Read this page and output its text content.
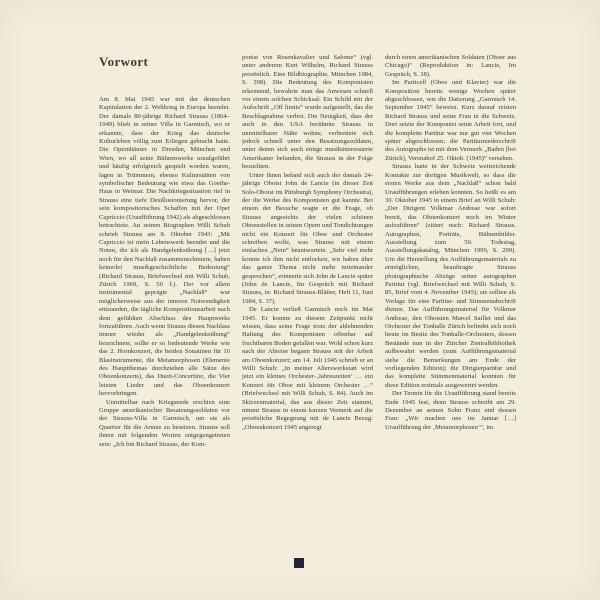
Vorwort

Am 8. Mai 1945 war mit der deutschen Kapitulation der 2. Weltkrieg in Europa beendet. Der damals 80-jährige Richard Strauss (1864–1949) blieb in seiner Villa in Garmisch, wo er erkannte, dass der Krieg das deutsche Kulturleben völlig zum Erliegen gebracht hatte. Die Opernhäuser in Dresden, München und Wien, wo all seine Bühnenwerke uraufgeführt und häufig erfolgreich gespielt worden waren, lagen in Trümmern, ebenso Kulturstätten von symbolischer Bedeutung wie etwa das Goethe-Haus in Weimar. Die Nachkriegssituation rief in Strauss eine tiefe Desillusionierung hervor, der sein kompositorisches Schaffen mit der Oper Capriccio (Uraufführung 1942) als abgeschlossen betrachtete. An seinen Biographen Willi Schuh schrieb Strauss am 8. Oktober 1943: „Mit Capriccio ist mein Lebenswerk beendet und die Noten, die ich als Handgelenksübung […] jetzt noch für den Nachlaß zusammenschmiere, haben keinerlei musikgeschichtliche Bedeutung“ (Richard Strauss, Briefwechsel mit Willi Schuh, Zürich 1969, S. 50 f.). Der vor allem instrumental geprägte „Nachlaß“ war möglicherweise aus der inneren Notwendigkeit entstanden, die tägliche Kompositionsarbeit nach dem gefühlten Abschluss des Hauptwerks fortzuführen. Auch wenn Strauss diesen Nachlass immer wieder als „Handgelenksübung“ bezeichnete, sollte er so bedeutende Werke wie das 2. Hornkonzert, die beiden Sonatinen für 16 Blasinstrumente, die Metamorphosen (Elemente des Hauptthemas durchziehen alle Sätze des Oboenkonzerts), das Duett-Concertino, die Vier letzten Lieder und das Oboenkonzert hervorbringen.

Unmittelbar nach Kriegsende erschien eine Gruppe amerikanischer Besatzungssoldaten vor der Strauss-Villa in Garmisch, um sie als Quartier für die Armee zu besetzen. Strauss soll ihnen mit folgenden Worten entgegengetreten sein: „Ich bin Richard Strauss, der Kom-

ponist von Rosenkavalier und Salome“ (vgl. unter anderem Kurt Wilhelm, Richard Strauss persönlich. Eine Bildbiographie, München 1984, S. 398). Die Bedeutung des Komponisten erkennend, bewahrte man das Anwesen schnell vor einem solchen Schicksal: Ein Schild mit der Aufschrift „Off limits“ wurde aufgestellt, das die Beschlagnahme verbot. Die Neuigkeit, dass der auch in den USA berühmte Strauss in unmittelbarer Nähe wohne, verbreitete sich jedoch schnell unter den Besatzungssoldaten, unter denen sich auch einige musikinteressierte Amerikaner befanden, die Strauss in der Folge besuchten.

Unter ihnen befand sich auch der damals 24-jährige Oboist John de Lancie (in dieser Zeit Solo-Oboist im Pittsburgh Symphony Orchestra), der die Werke des Komponisten gut kannte. Bei einem der Besuche wagte er die Frage, ob Strauss angesichts der vielen schönen Oboenstellen in seinen Opern und Tondichtungen nicht ein Konzert für Oboe und Orchester schreiben wolle, was Strauss mit einem einfachen „Nein“ beantwortete. „Sehr viel mehr konnte ich ihm nicht entlocken, wir haben über das ganze Thema nicht mehr miteinander gesprochen“, erinnerte sich John de Lancie später (John de Lancie, Im Gespräch mit Richard Strauss, in: Richard Strauss-Blätter, Heft 11, Juni 1984, S. 37).

De Lancie verließ Garmisch noch im Mai 1945. Er konnte zu diesem Zeitpunkt nicht wissen, dass seine Frage trotz der ablehnenden Haltung des Komponisten offenbar auf fruchtbaren Boden gefallen war. Wohl schon kurz nach der Abreise begann Strauss mit der Arbeit am Oboenkonzert; am 14. Juli 1945 schrieb er an Willi Schuh: „In meiner Alterswerkstatt wird jetzt ein kleines Orchester-‚Jahreszeiten‘ … ein Konzert für Oboe mit kleinem Orchester …“ (Briefwechsel mit Willi Schuh, S. 84). Auch im Skizzenmaterial, das aus dieser Zeit stammt, nimmt Strauss in einem kurzen Vermerk auf die persönliche Begegnung mit de Lancie Bezug: „Oboenkonzert 1945 angeregt

durch einen amerikanischen Soldaten (Oboer aus Chicago)“ (Reproduktion in: Lancie, Im Gespräch, S. 38).

Im Particell (Oboe und Klavier) war die Komposition bereits wenige Wochen später abgeschlossen, wie die Datierung „Garmisch 14. September 1945“ beweist. Kurz darauf reisten Richard Strauss und seine Frau in die Schweiz. Dort setzte der Komponist seine Arbeit fort, und die komplette Partitur war nur gut vier Wochen später abgeschlossen; die Partiturniederschrift des Autographs ist mit dem Vermerk „Baden [bei Zürich], Verenahof 25. Oktob. (1945)“ versehen.

Strauss hatte in der Schweiz weitreichende Kontakte zur dortigen Musikwelt, so dass die ersten Werke aus dem „Nachlaß“ schon bald Uraufführungen erleben konnten. So heißt es am 30. Oktober 1945 in einem Brief an Willi Schuh: „Der Dirigent Volkmar Andreae war sofort bereit, das Oboenkonzert noch im Winter aufzuführen“ (zitiert nach: Richard Strauss. Autographen, Porträts, Bühnenbilder. Ausstellung zum 50. Todestag, Ausstellungskatalog, München 1999, S. 299). Um die Herstellung des Aufführungsmaterials zu ermöglichen, beauftragte Strauss photographische Abzüge seiner autographen Partitur (vgl. Briefwechsel mit Willi Schuh, S. 85, Brief vom 4. November 1945); sie sollten als Vorlage für eine Partitur- und Stimmenabschrift dienen. Das Aufführungsmaterial für Volkmar Andreae, den Oboisten Marcel Saillet und das Orchester der Tonhalle Zürich befindet sich noch heute im Besitz des Tonhalle-Orchesters, dessen Bestände nun in der Zürcher Zentralbibliothek aufbewahrt werden (zum Aufführungsmaterial siehe die Bemerkungen am Ende der vorliegenden Edition); die Dirigierpartitur und das komplette Stimmenmaterial konnten für diese Edition erstmals ausgewertet werden.

Der Termin für die Uraufführung stand bereits Ende 1945 fest, denn Strauss schreibt am 29. Dezember an seinen Sohn Franz und dessen Frau: „Wir machen uns im Januar […] Uraufführung der ‚Metamorphosen‘“, im
